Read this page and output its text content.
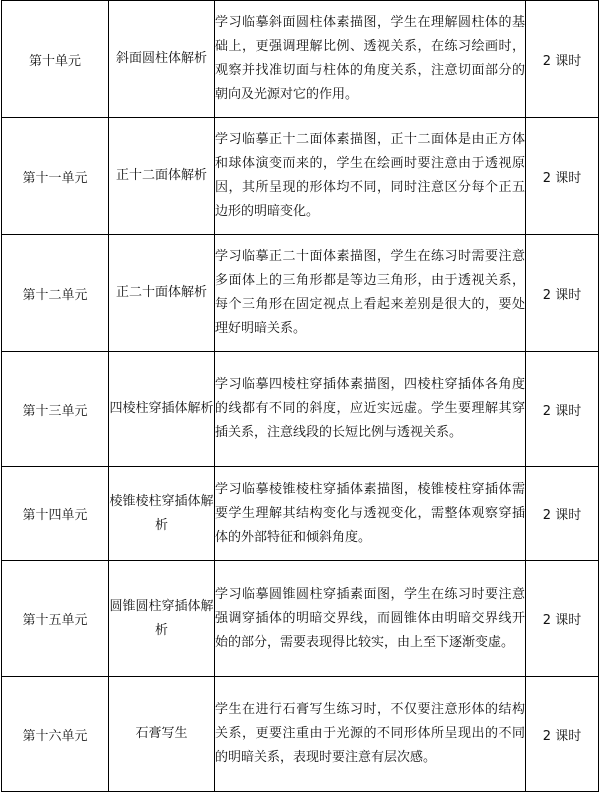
第十单元	斜面圆柱体解析	学习临摹斜面圆柱体素描图，学生在理解圆柱体的基础上，更强调理解比例、透视关系，在练习绘画时，观察并找准切面与柱体的角度关系，注意切面部分的朝向及光源对它的作用。	2 课时
第十一单元	正十二面体解析	学习临摹正十二面体素描图，正十二面体是由正方体和球体演变而来的，学生在绘画时要注意由于透视原因，其所呈现的形体均不同，同时注意区分每个正五边形的明暗变化。	2 课时
第十二单元	正二十面体解析	学习临摹正二十面体素描图，学生在练习时需要注意多面体上的三角形都是等边三角形，由于透视关系，每个三角形在固定视点上看起来差别是很大的，要处理好明暗关系。	2 课时
第十三单元	四棱柱穿插体解析	学习临摹四棱柱穿插体素描图，四棱柱穿插体各角度的线都有不同的斜度，应近实远虚。学生要理解其穿插关系，注意线段的长短比例与透视关系。	2 课时
第十四单元	棱锥棱柱穿插体解析	学习临摹棱锥棱柱穿插体素描图，棱锥棱柱穿插体需要学生理解其结构变化与透视变化，需整体观察穿插体的外部特征和倾斜角度。	2 课时
第十五单元	圆锥圆柱穿插体解析	学习临摹圆锥圆柱穿插素面图，学生在练习时要注意强调穿插体的明暗交界线，而圆锥体由明暗交界线开始的部分，需要表现得比较实，由上至下逐渐变虚。	2 课时
第十六单元	石膏写生	学生在进行石膏写生练习时，不仅要注意形体的结构关系，更要注重由于光源的不同形体所呈现出的不同的明暗关系，表现时要注意有层次感。	2 课时
